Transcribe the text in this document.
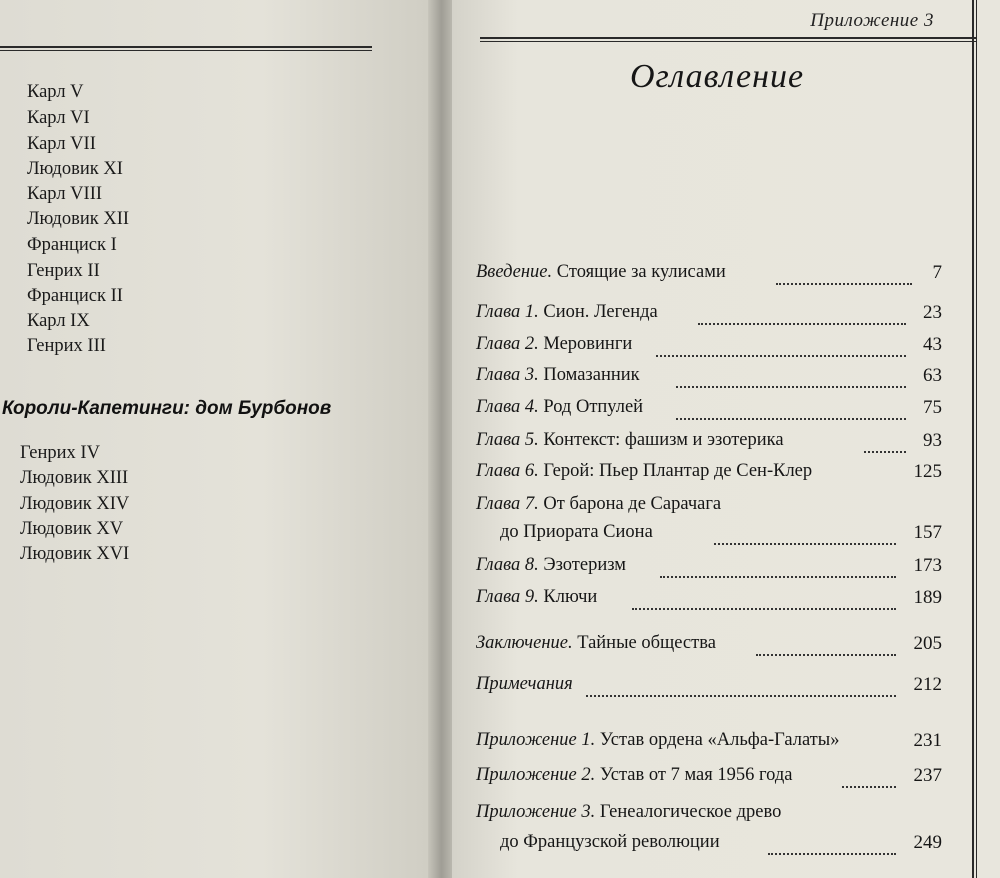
Приложение 3
Карл V
Карл VI
Карл VII
Людовик XI
Карл VIII
Людовик XII
Франциск I
Генрих II
Франциск II
Карл IX
Генрих III
Короли-Капетинги: дом Бурбонов
Генрих IV
Людовик XIII
Людовик XIV
Людовик XV
Людовик XVI
Оглавление
Введение. Стоящие за кулисами	7
Глава 1. Сион. Легенда	23
Глава 2. Меровинги	43
Глава 3. Помазанник	63
Глава 4. Род Отпулей	75
Глава 5. Контекст: фашизм и эзотерика	93
Глава 6. Герой: Пьер Плантар де Сен-Клер	125
Глава 7. От барона де Сарачага
до Приората Сиона	157
Глава 8. Эзотеризм	173
Глава 9. Ключи	189
Заключение. Тайные общества	205
Примечания	212
Приложение 1. Устав ордена «Альфа-Галаты»	231
Приложение 2. Устав от 7 мая 1956 года	237
Приложение 3. Генеалогическое древо
до Французской революции	249
